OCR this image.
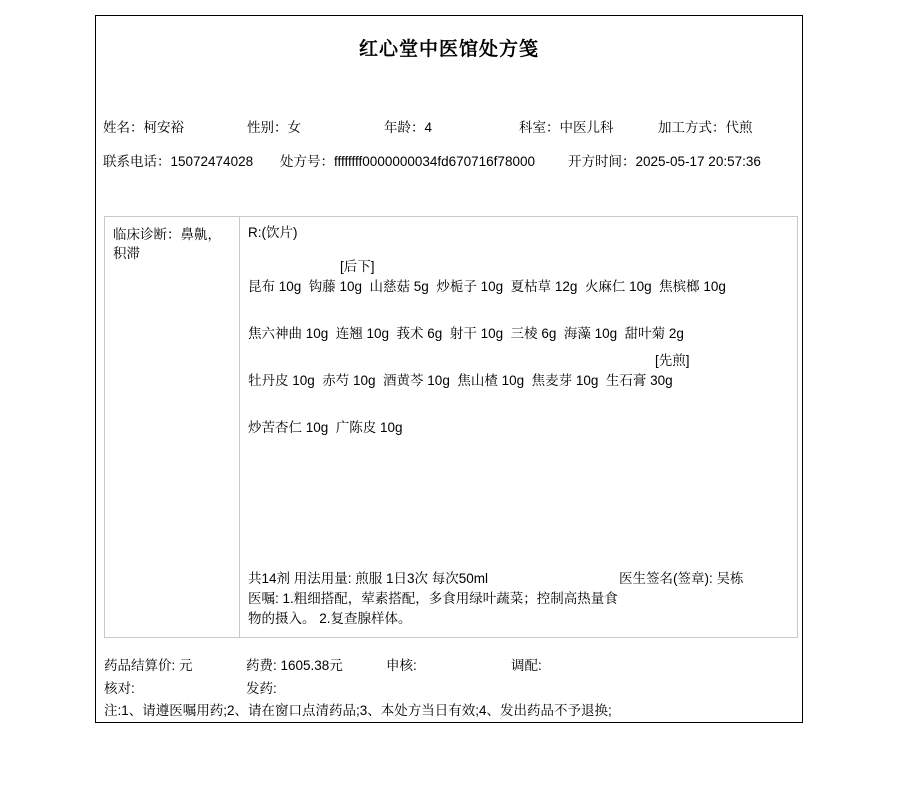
红心堂中医馆处方笺
姓名：柯安裕	性别：女	年龄：4	科室：中医儿科	加工方式：代煎
联系电话：15072474028 处方号：ffffffff0000000034fd670716f78000 开方时间：2025-05-17 20:57:36
临床诊断：鼻鼽，积滞
R:(饮片)
[后下]
昆布 10g  钩藤 10g  山慈菇 5g  炒栀子 10g  夏枯草 12g  火麻仁 10g  焦槟榔 10g
焦六神曲 10g  连翘 10g  莪术 6g  射干 10g  三棱 6g  海藻 10g  甜叶菊 2g
[先煎]
牡丹皮 10g  赤芍 10g  酒黄芩 10g  焦山楂 10g  焦麦芽 10g  生石膏 30g
炒苦杏仁 10g  广陈皮 10g
共14剂 用法用量: 煎服 1日3次 每次50ml	医生签名(签章): 吴栋
医嘱: 1.粗细搭配，荤素搭配，多食用绿叶蔬菜；控制高热量食物的摄入。 2.复查腺样体。
药品结算价: 元	药费: 1605.38元	申核:	调配:
核对:	发药:
注:1、请遵医嘱用药;2、请在窗口点清药品;3、本处方当日有效;4、发出药品不予退换;
